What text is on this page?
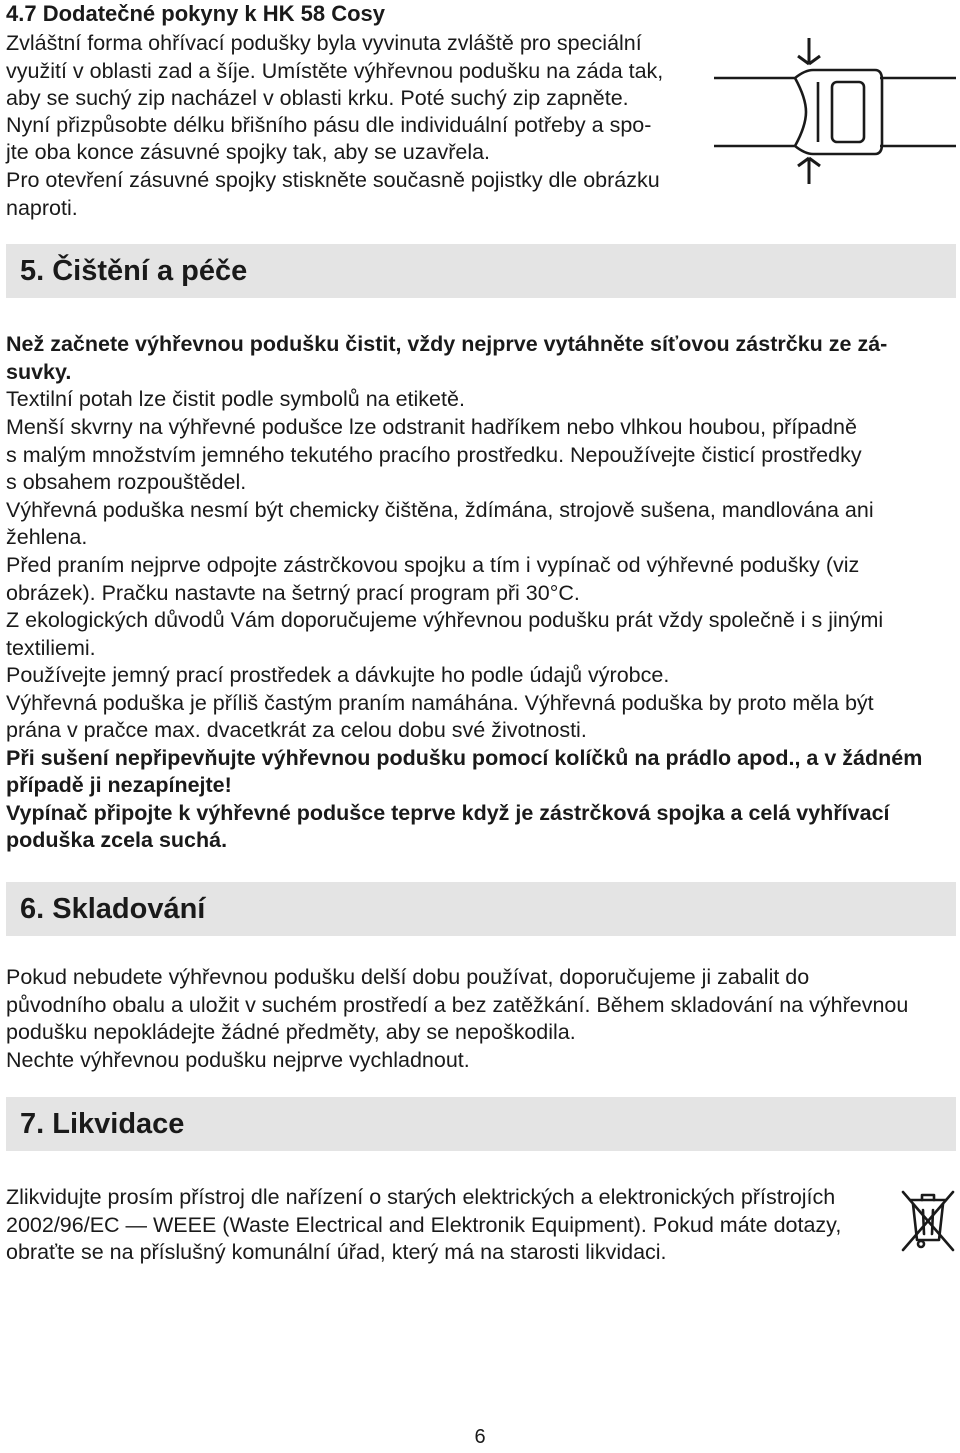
4.7 Dodatečné pokyny k HK 58 Cosy
Zvláštní forma ohřívací podušky byla vyvinuta zvláště pro speciální
využití v oblasti zad a šíje. Umístěte výhřevnou podušku na záda tak,
aby se suchý zip nacházel v oblasti krku. Poté suchý zip zapněte.
Nyní přizpůsobte délku břišního pásu dle individuální potřeby a spo-
jte oba konce zásuvné spojky tak, aby se uzavřela.
Pro otevření zásuvné spojky stiskněte současně pojistky dle obrázku
naproti.
5. Čištění a péče
Než začnete výhřevnou podušku čistit, vždy nejprve vytáhněte síťovou zástrčku ze zá-
suvky.
Textilní potah lze čistit podle symbolů na etiketě.
Menší skvrny na výhřevné podušce lze odstranit hadříkem nebo vlhkou houbou, případně
s malým množstvím jemného tekutého pracího prostředku. Nepoužívejte čisticí prostředky
s obsahem rozpouštědel.
Výhřevná poduška nesmí být chemicky čištěna, ždímána, strojově sušena, mandlována ani
žehlena.
Před praním nejprve odpojte zástrčkovou spojku a tím i vypínač od výhřevné podušky (viz
obrázek). Pračku nastavte na šetrný prací program při 30°C.
Z ekologických důvodů Vám doporučujeme výhřevnou podušku prát vždy společně i s jinými
textiliemi.
Používejte jemný prací prostředek a dávkujte ho podle údajů výrobce.
Výhřevná poduška je příliš častým praním namáhána. Výhřevná poduška by proto měla být
prána v pračce max. dvacetkrát za celou dobu své životnosti.
Při sušení nepřipevňujte výhřevnou podušku pomocí kolíčků na prádlo apod., a v žádném
případě ji nezapínejte!
Vypínač připojte k výhřevné podušce teprve když je zástrčková spojka a celá vyhřívací
poduška zcela suchá.
6. Skladování
Pokud nebudete výhřevnou podušku delší dobu používat, doporučujeme ji zabalit do
původního obalu a uložit v suchém prostředí a bez zatěžkání. Během skladování na výhřevnou
podušku nepokládejte žádné předměty, aby se nepoškodila.
Nechte výhřevnou podušku nejprve vychladnout.
7. Likvidace
Zlikvidujte prosím přístroj dle nařízení o starých elektrických a elektronických přístrojích
2002/96/EC — WEEE (Waste Electrical and Elektronik Equipment). Pokud máte dotazy,
obraťte se na příslušný komunální úřad, který má na starosti likvidaci.
6
